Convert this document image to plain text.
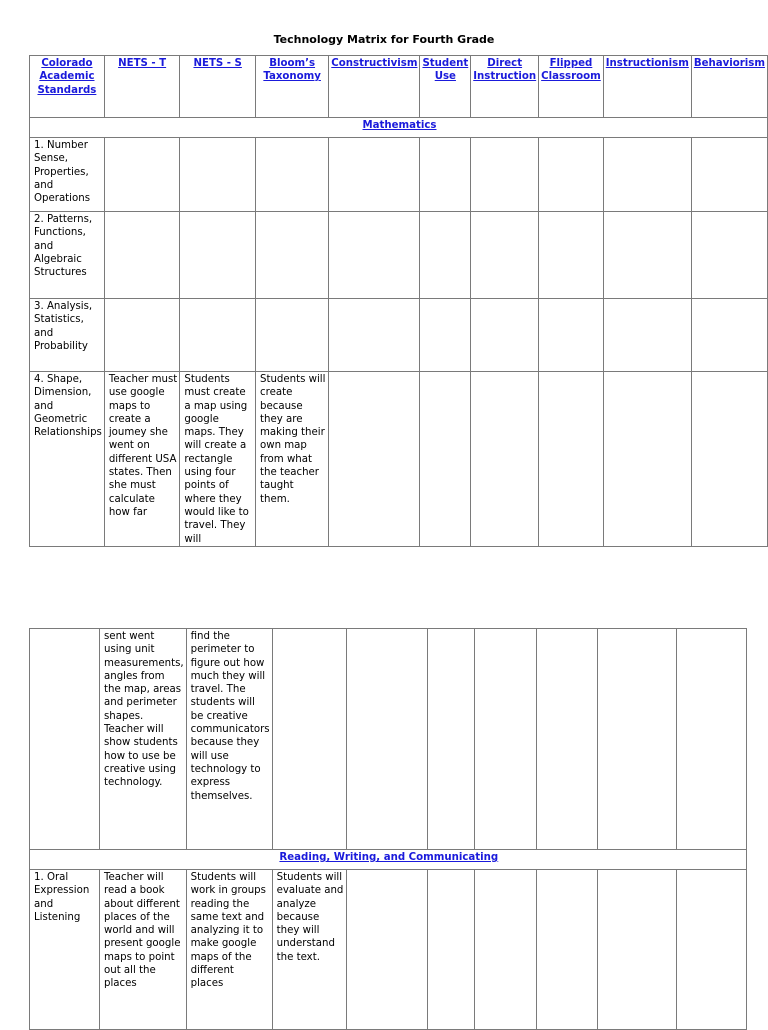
Technology Matrix for Fourth Grade
Colorado Academic Standards	NETS - T	NETS - S	Bloom’s Taxonomy	Constructivism	Student Use	Direct Instruction	Flipped Classroom	Instructionism	Behaviorism
Mathematics									
1. Number Sense, Properties, and Operations									
2. Patterns, Functions, and Algebraic Structures									
3. Analysis, Statistics, and Probability									
4. Shape, Dimension, and Geometric Relationships	Teacher must use google maps to create a joumey she went on different USA states. Then she must calculate how far	Students must create a map using google maps. They will create a rectangle using four points of where they would like to travel. They will	Students will create because they are making their own map from what the teacher taught them.						
	sent went using unit measurements, angles from the map, areas and perimeter shapes. Teacher will show students how to use be creative using technology.	find the perimeter to figure out how much they will travel. The students will be creative communicators because they will use technology to express themselves.							
Reading, Writing, and Communicating									
1. Oral Expression and Listening	Teacher will read a book about different places of the world and will present google maps to point out all the places	Students will work in groups reading the same text and analyzing it to make google maps of the different places	Students will evaluate and analyze because they will understand the text.						
